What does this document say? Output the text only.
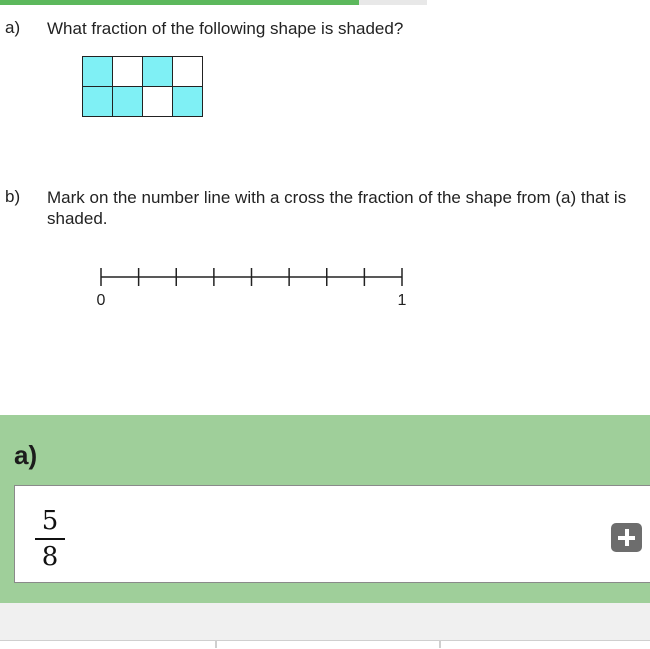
a) What fraction of the following shape is shaded?

b) Mark on the number line with a cross the fraction of the shape from (a) that is shaded.
0	1
a)
5
8
